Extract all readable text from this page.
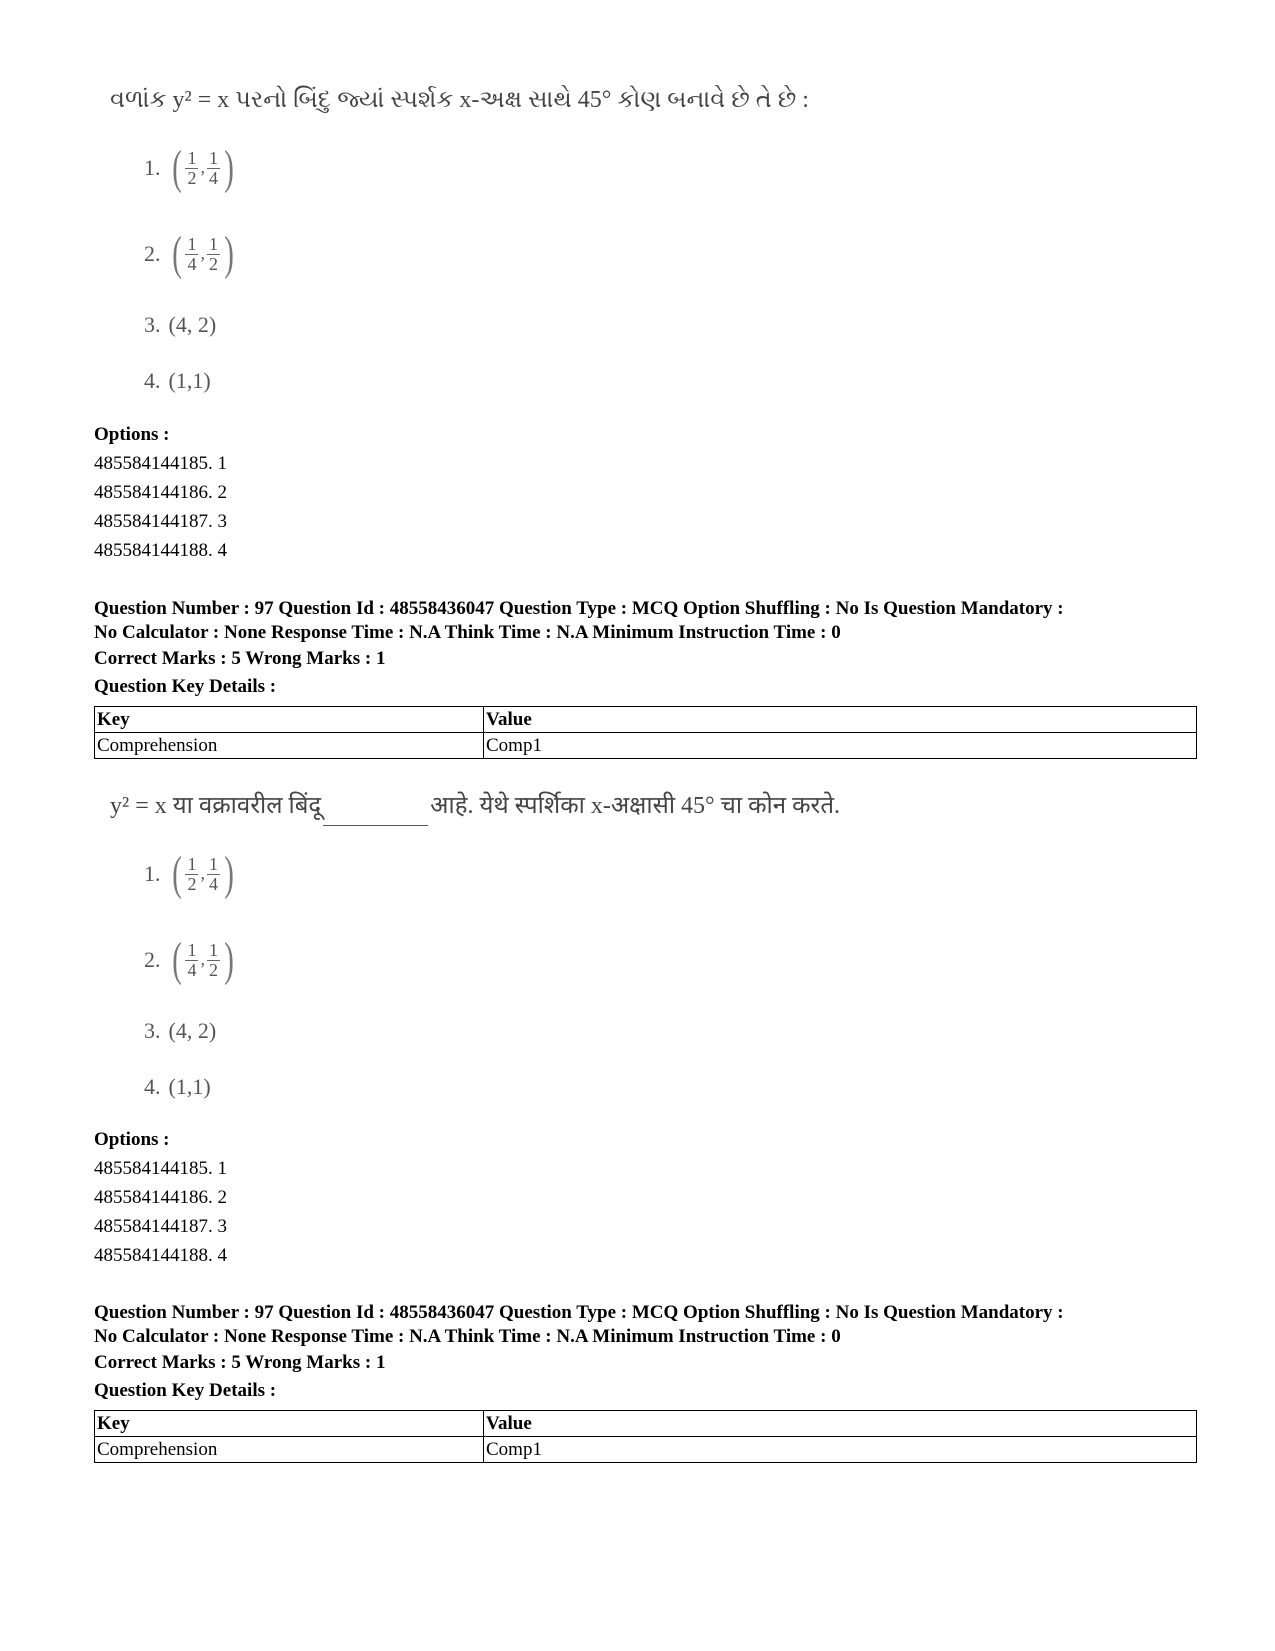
વળાંક y² = x પરનો બિંદુ જ્યાં સ્પર્શક x-અક્ષ સાથે 45° કોણ બનાવે છે તે છે :
1. ( $\frac{1}{2}$ , $\frac{1}{4}$ )
2. ( $\frac{1}{4}$ , $\frac{1}{2}$ )
3. (4, 2)
4. (1,1)
Options :
485584144185. 1
485584144186. 2
485584144187. 3
485584144188. 4
Question Number : 97 Question Id : 48558436047 Question Type : MCQ Option Shuffling : No Is Question Mandatory :
No Calculator : None Response Time : N.A Think Time : N.A Minimum Instruction Time : 0
Correct Marks : 5 Wrong Marks : 1
Question Key Details :
Key	Value
Comprehension	Comp1
y² = x या वक्रावरील बिंदू	आहे. येथे स्पर्शिका x-अक्षासी 45° चा कोन करते.
1. ( $\frac{1}{2}$ , $\frac{1}{4}$ )
2. ( $\frac{1}{4}$ , $\frac{1}{2}$ )
3. (4, 2)
4. (1,1)
Options :
485584144185. 1
485584144186. 2
485584144187. 3
485584144188. 4
Question Number : 97 Question Id : 48558436047 Question Type : MCQ Option Shuffling : No Is Question Mandatory :
No Calculator : None Response Time : N.A Think Time : N.A Minimum Instruction Time : 0
Correct Marks : 5 Wrong Marks : 1
Question Key Details :
Key	Value
Comprehension	Comp1
